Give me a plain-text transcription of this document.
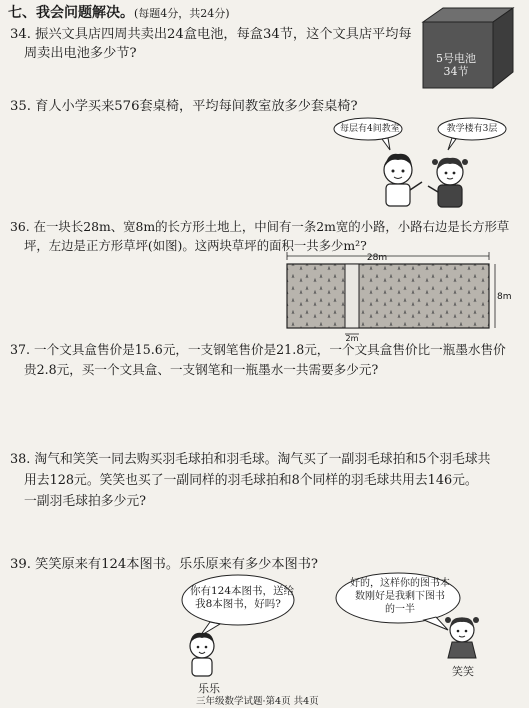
七、我会问题解决。(每题4分，共24分)
34. 振兴文具店四周共卖出24盒电池，每盒34节，这个文具店平均每
周卖出电池多少节?	5号电池
34节
35. 育人小学买来576套桌椅，平均每间教室放多少套桌椅?
每层有4间教室	教学楼有3层
36. 在一块长28m、宽8m的长方形土地上，中间有一条2m宽的小路，小路右边是长方形草
坪，左边是正方形草坪(如图)。这两块草坪的面积一共多少m²?
28m
8m
2m
37. 一个文具盒售价是15.6元，一支钢笔售价是21.8元，一个文具盒售价比一瓶墨水售价
贵2.8元，买一个文具盒、一支钢笔和一瓶墨水一共需要多少元?
38. 淘气和笑笑一同去购买羽毛球拍和羽毛球。淘气买了一副羽毛球拍和5个羽毛球共
用去128元。笑笑也买了一副同样的羽毛球拍和8个同样的羽毛球共用去146元。
一副羽毛球拍多少元?
39. 笑笑原来有124本图书。乐乐原来有多少本图书?
你有124本图书，送给
我8本图书，好吗?
好的，这样你的图书本
数刚好是我剩下图书
的一半
乐乐
笑笑
三年级数学试题·第4页 共4页
